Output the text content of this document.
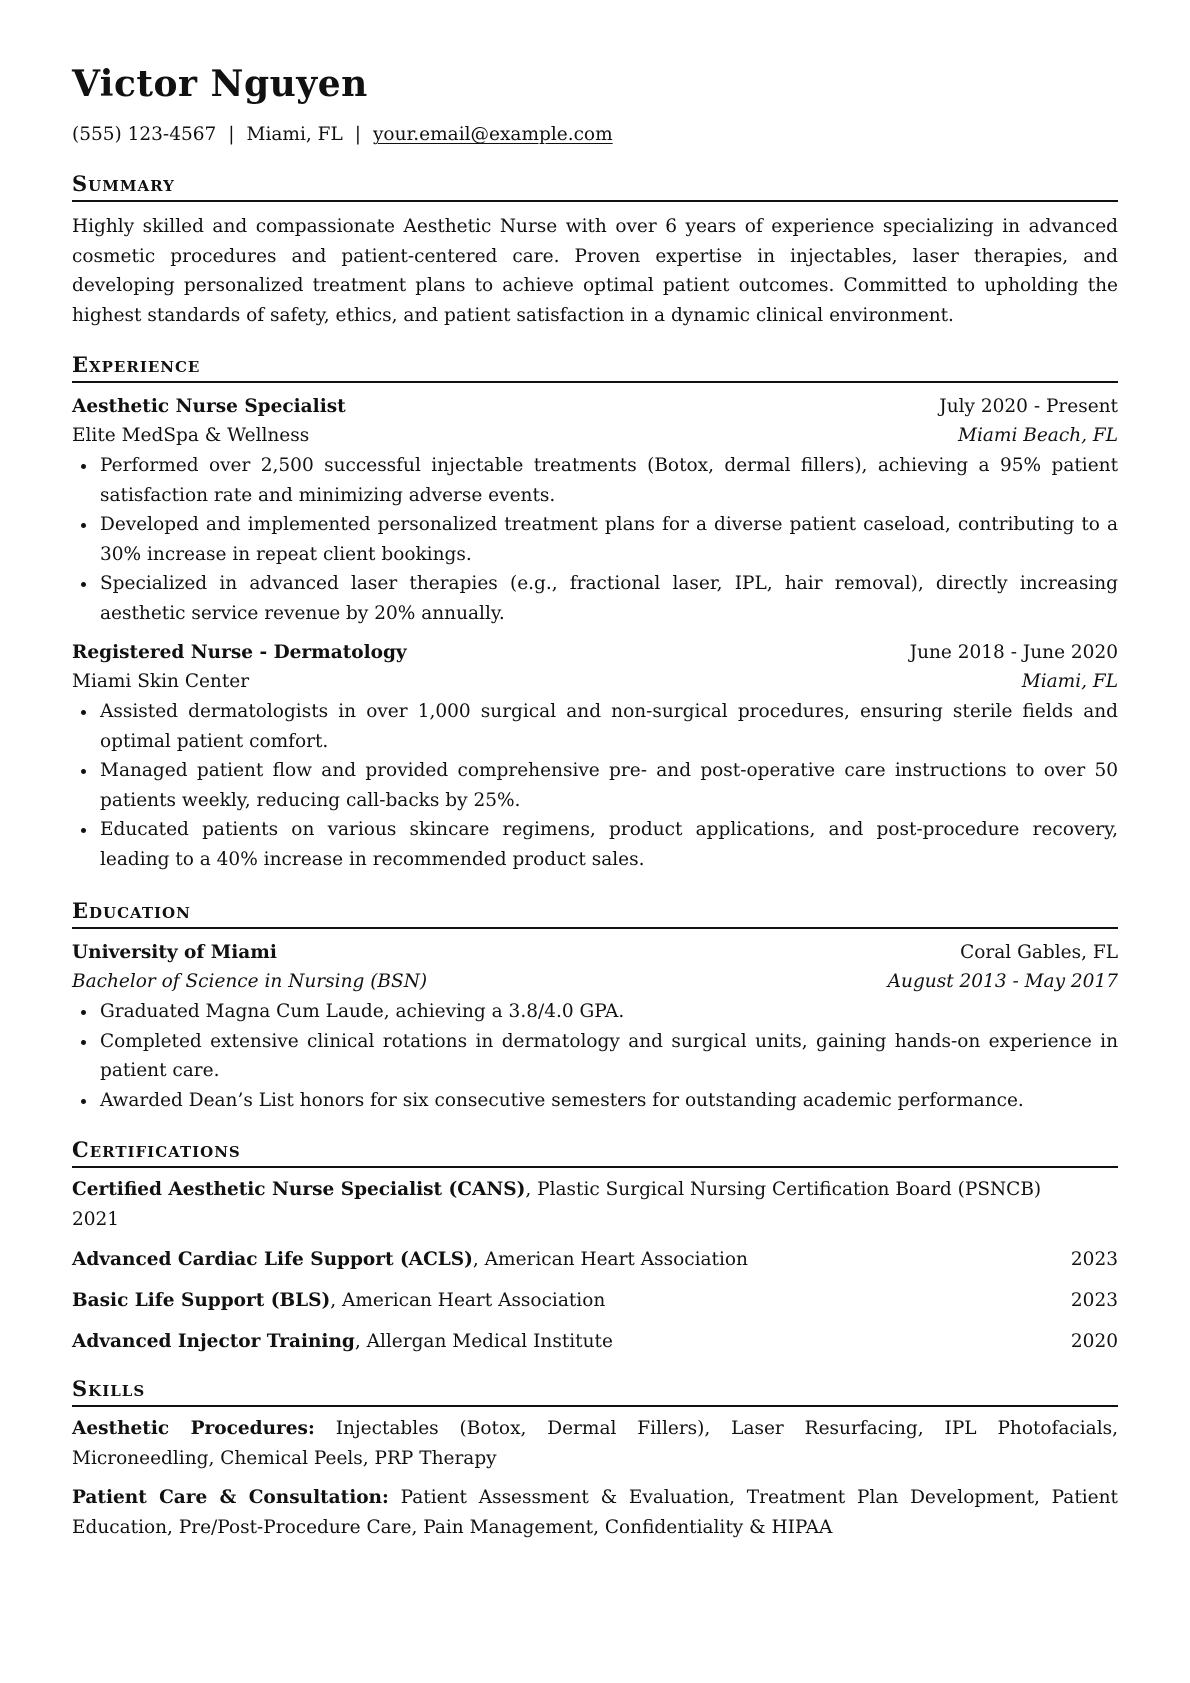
Victor Nguyen
(555) 123-4567 | Miami, FL | your.email@example.com
Summary

Highly skilled and compassionate Aesthetic Nurse with over 6 years of experience specializing in advanced cosmetic procedures and patient-centered care. Proven expertise in injectables, laser therapies, and developing personalized treatment plans to achieve optimal patient outcomes. Committed to upholding the highest standards of safety, ethics, and patient satisfaction in a dynamic clinical environment.

Experience
Aesthetic Nurse Specialist	July 2020 - Present
Elite MedSpa & Wellness	Miami Beach, FL
Performed over 2,500 successful injectable treatments (Botox, dermal fillers), achieving a 95% patient satisfaction rate and minimizing adverse events.
Developed and implemented personalized treatment plans for a diverse patient caseload, contributing to a 30% increase in repeat client bookings.
Specialized in advanced laser therapies (e.g., fractional laser, IPL, hair removal), directly increasing aesthetic service revenue by 20% annually.
Registered Nurse - Dermatology	June 2018 - June 2020
Miami Skin Center	Miami, FL
Assisted dermatologists in over 1,000 surgical and non-surgical procedures, ensuring sterile fields and optimal patient comfort.
Managed patient flow and provided comprehensive pre- and post-operative care instructions to over 50 patients weekly, reducing call-backs by 25%.
Educated patients on various skincare regimens, product applications, and post-procedure recovery, leading to a 40% increase in recommended product sales.
Education
University of Miami	Coral Gables, FL
Bachelor of Science in Nursing (BSN)	August 2013 - May 2017
Graduated Magna Cum Laude, achieving a 3.8/4.0 GPA.
Completed extensive clinical rotations in dermatology and surgical units, gaining hands-on experience in patient care.
Awarded Dean’s List honors for six consecutive semesters for outstanding academic performance.
Certifications
Certified Aesthetic Nurse Specialist (CANS), Plastic Surgical Nursing Certification Board (PSNCB)
2021
Advanced Cardiac Life Support (ACLS), American Heart Association	2023
Basic Life Support (BLS), American Heart Association	2023
Advanced Injector Training, Allergan Medical Institute	2020
Skills
Aesthetic Procedures: Injectables (Botox, Dermal Fillers), Laser Resurfacing, IPL Photofacials, Microneedling, Chemical Peels, PRP Therapy
Patient Care & Consultation: Patient Assessment & Evaluation, Treatment Plan Development, Patient Education, Pre/Post-Procedure Care, Pain Management, Confidentiality & HIPAA
